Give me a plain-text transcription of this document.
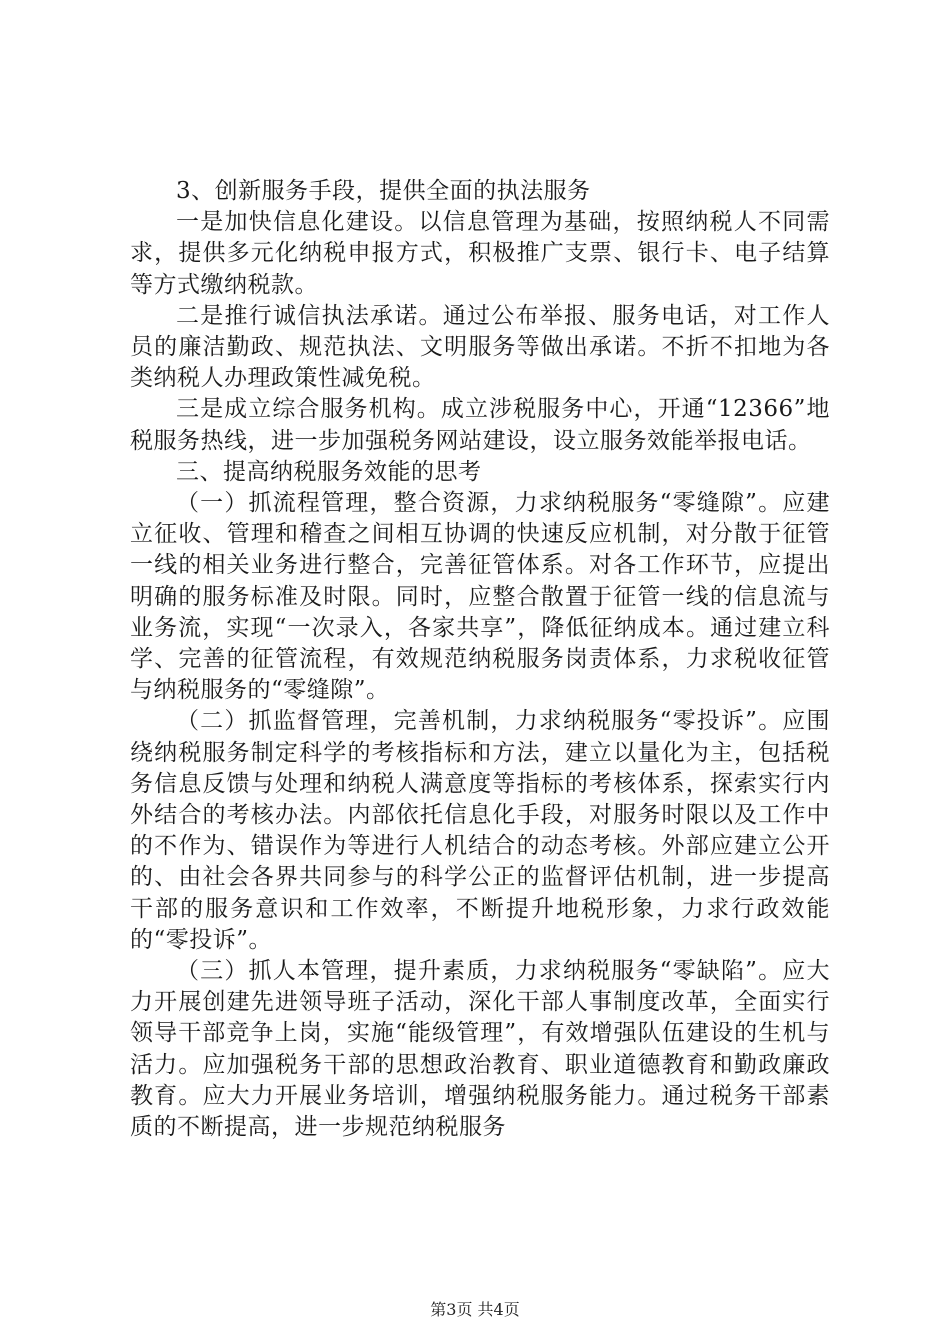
3、创新服务手段，提供全面的执法服务

一是加快信息化建设。以信息管理为基础，按照纳税人不同需求，提供多元化纳税申报方式，积极推广支票、银行卡、电子结算等方式缴纳税款。

二是推行诚信执法承诺。通过公布举报、服务电话，对工作人员的廉洁勤政、规范执法、文明服务等做出承诺。不折不扣地为各类纳税人办理政策性减免税。

三是成立综合服务机构。成立涉税服务中心，开通“12366”地税服务热线，进一步加强税务网站建设，设立服务效能举报电话。

三、提高纳税服务效能的思考

（一）抓流程管理，整合资源，力求纳税服务“零缝隙”。应建立征收、管理和稽查之间相互协调的快速反应机制，对分散于征管一线的相关业务进行整合，完善征管体系。对各工作环节，应提出明确的服务标准及时限。同时，应整合散置于征管一线的信息流与业务流，实现“一次录入，各家共享”，降低征纳成本。通过建立科学、完善的征管流程，有效规范纳税服务岗责体系，力求税收征管与纳税服务的“零缝隙”。

（二）抓监督管理，完善机制，力求纳税服务“零投诉”。应围绕纳税服务制定科学的考核指标和方法，建立以量化为主，包括税务信息反馈与处理和纳税人满意度等指标的考核体系，探索实行内外结合的考核办法。内部依托信息化手段，对服务时限以及工作中的不作为、错误作为等进行人机结合的动态考核。外部应建立公开的、由社会各界共同参与的科学公正的监督评估机制，进一步提高干部的服务意识和工作效率，不断提升地税形象，力求行政效能的“零投诉”。

（三）抓人本管理，提升素质，力求纳税服务“零缺陷”。应大力开展创建先进领导班子活动，深化干部人事制度改革，全面实行领导干部竞争上岗，实施“能级管理”，有效增强队伍建设的生机与活力。应加强税务干部的思想政治教育、职业道德教育和勤政廉政教育。应大力开展业务培训，增强纳税服务能力。通过税务干部素质的不断提高，进一步规范纳税服务

第3页 共4页
